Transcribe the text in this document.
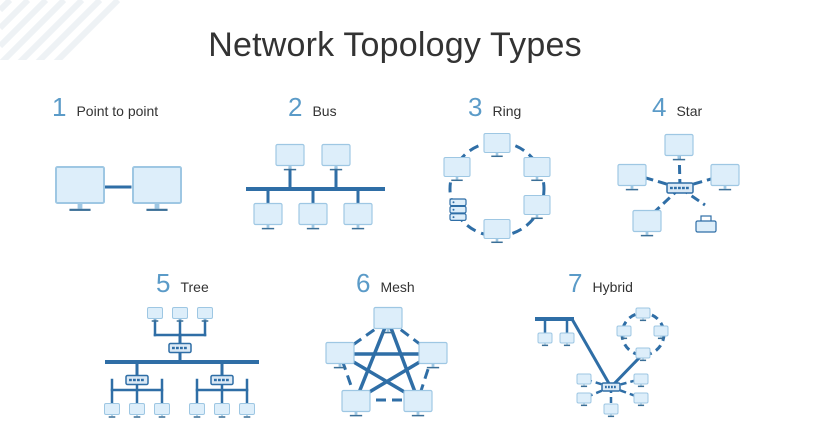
Network Topology Types
1 Point to point	2 Bus	3 Ring	4 Star
5 Tree	6 Mesh	7 Hybrid
